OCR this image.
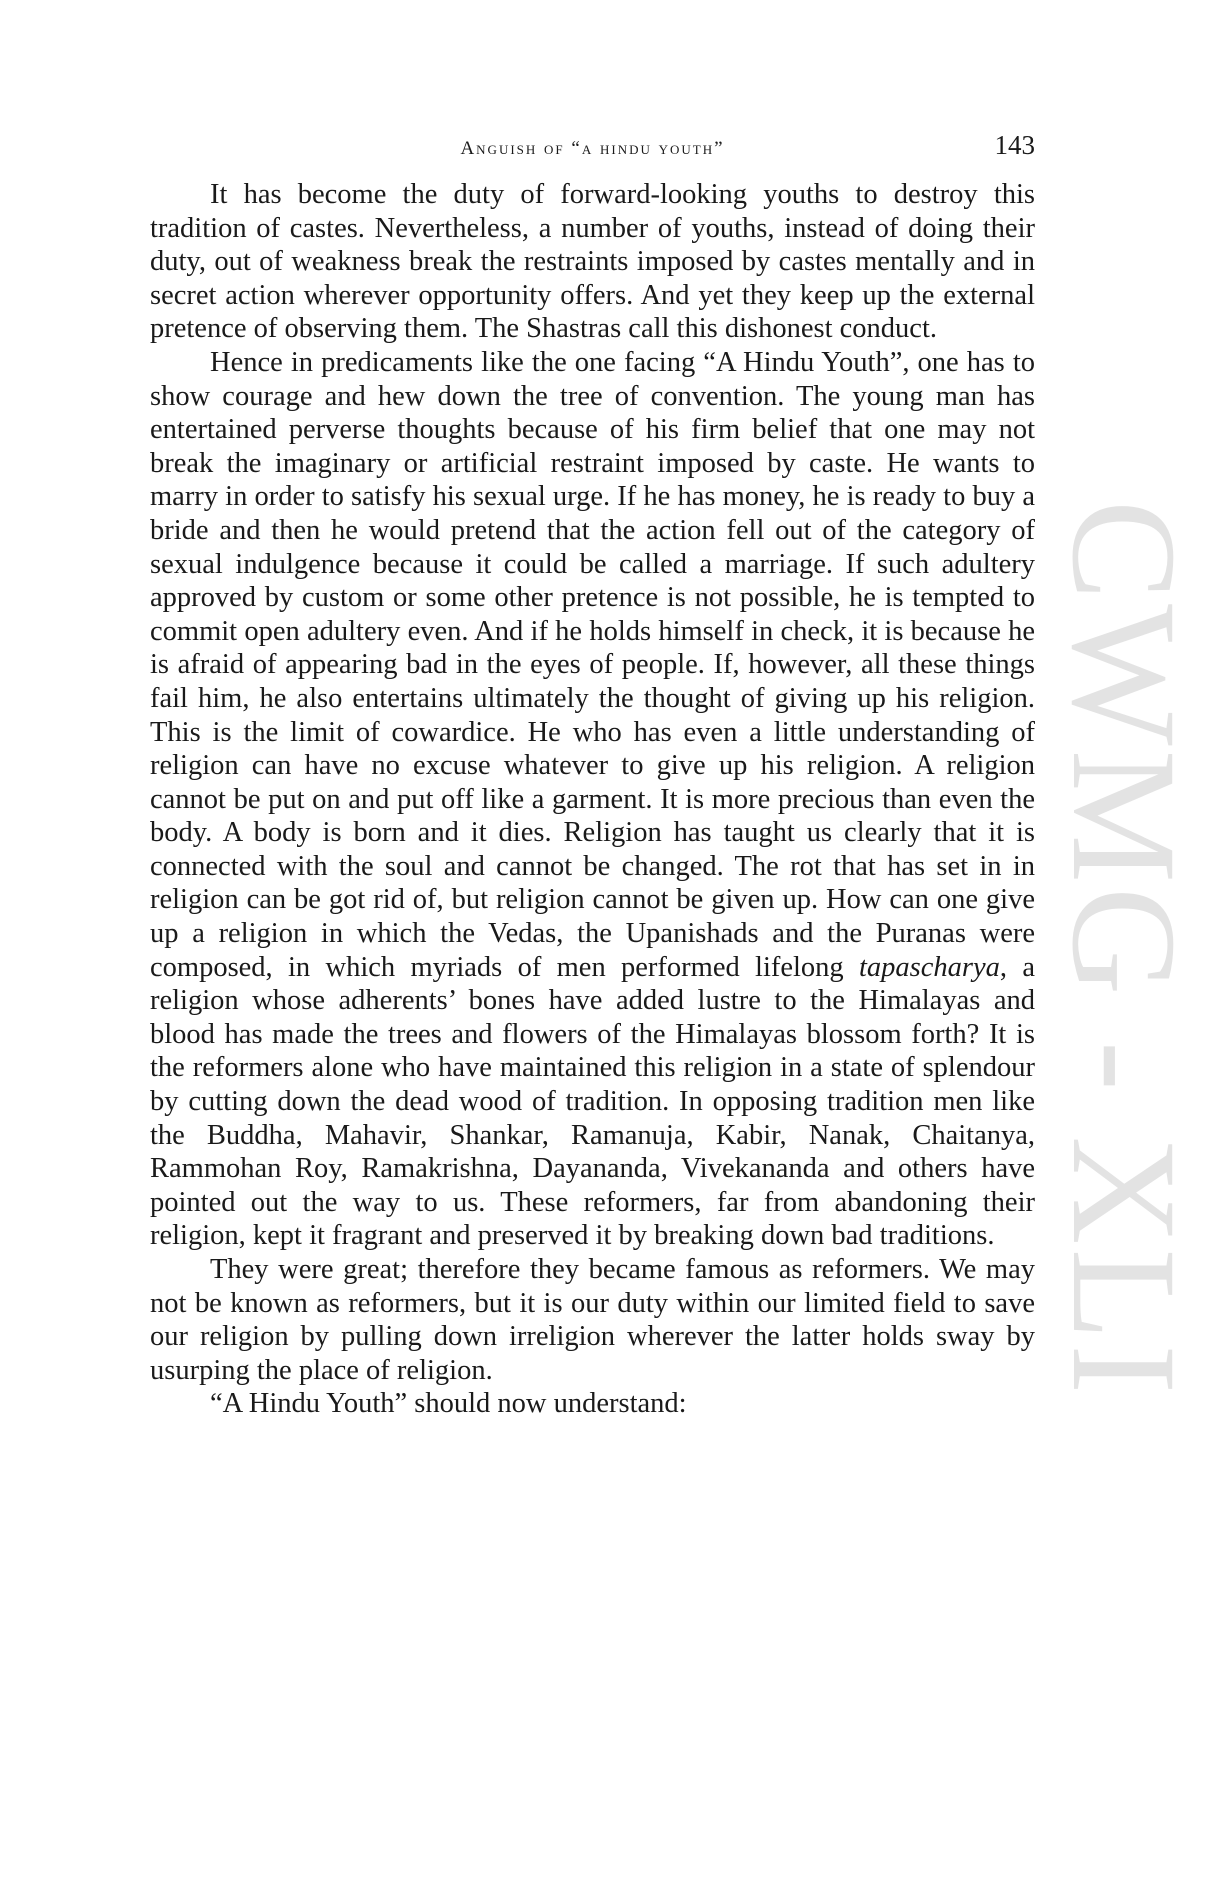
CWMG - XLI
Anguish of “a hindu youth”	143

It has become the duty of forward-looking youths to destroy this tradition of castes. Nevertheless, a number of youths, instead of doing their duty, out of weakness break the restraints imposed by castes mentally and in secret action wherever opportunity offers. And yet they keep up the external pretence of observing them. The Shastras call this dishonest conduct.

Hence in predicaments like the one facing “A Hindu Youth”, one has to show courage and hew down the tree of convention. The young man has entertained perverse thoughts because of his firm belief that one may not break the imaginary or artificial restraint imposed by caste. He wants to marry in order to satisfy his sexual urge. If he has money, he is ready to buy a bride and then he would pretend that the action fell out of the category of sexual indulgence because it could be called a marriage. If such adultery approved by custom or some other pretence is not possible, he is tempted to commit open adultery even. And if he holds himself in check, it is because he is afraid of appearing bad in the eyes of people. If, however, all these things fail him, he also entertains ultimately the thought of giving up his religion. This is the limit of cowardice. He who has even a little understanding of religion can have no excuse whatever to give up his religion. A religion cannot be put on and put off like a garment. It is more precious than even the body. A body is born and it dies. Religion has taught us clearly that it is connected with the soul and cannot be changed. The rot that has set in in religion can be got rid of, but religion cannot be given up. How can one give up a religion in which the Vedas, the Upanishads and the Puranas were composed, in which myriads of men performed lifelong tapascharya, a religion whose adherents’ bones have added lustre to the Himalayas and blood has made the trees and flowers of the Himalayas blossom forth? It is the reformers alone who have maintained this religion in a state of splendour by cutting down the dead wood of tradition. In opposing tradition men like the Buddha, Mahavir, Shankar, Ramanuja, Kabir, Nanak, Chaitanya, Rammohan Roy, Ramakrishna, Dayananda, Vivekananda and others have pointed out the way to us. These reformers, far from abandoning their religion, kept it fragrant and preserved it by breaking down bad traditions.

They were great; therefore they became famous as reformers. We may not be known as reformers, but it is our duty within our limited field to save our religion by pulling down irreligion wherever the latter holds sway by usurping the place of religion.

“A Hindu Youth” should now understand:
